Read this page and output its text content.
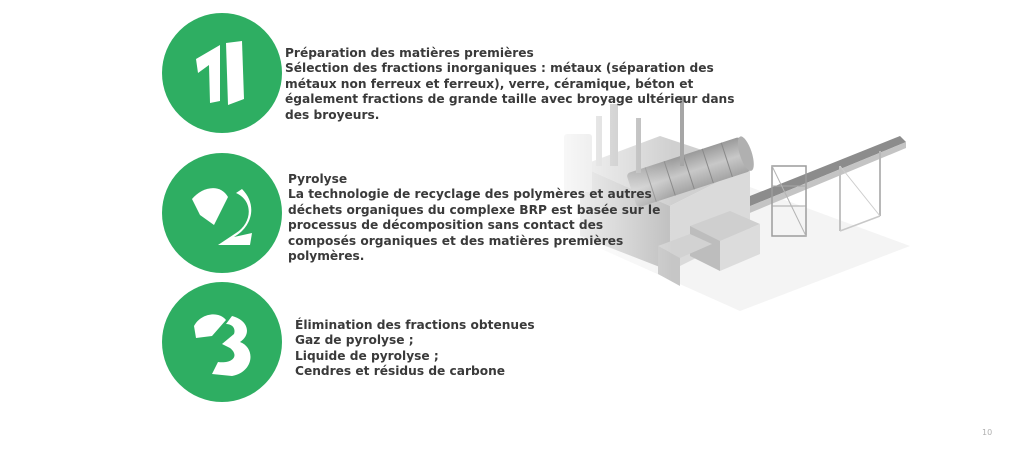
Préparation des matières premières
Sélection des fractions inorganiques : métaux (séparation des
métaux non ferreux et ferreux), verre, céramique, béton et
également fractions de grande taille avec broyage ultérieur dans
des broyeurs.
Pyrolyse
La technologie de recyclage des polymères et autres
déchets organiques du complexe BRP est basée sur le
processus de décomposition sans contact des
composés organiques et des matières premières
polymères.
Élimination des fractions obtenues
Gaz de pyrolyse ;
Liquide de pyrolyse ;
Cendres et résidus de carbone
10
